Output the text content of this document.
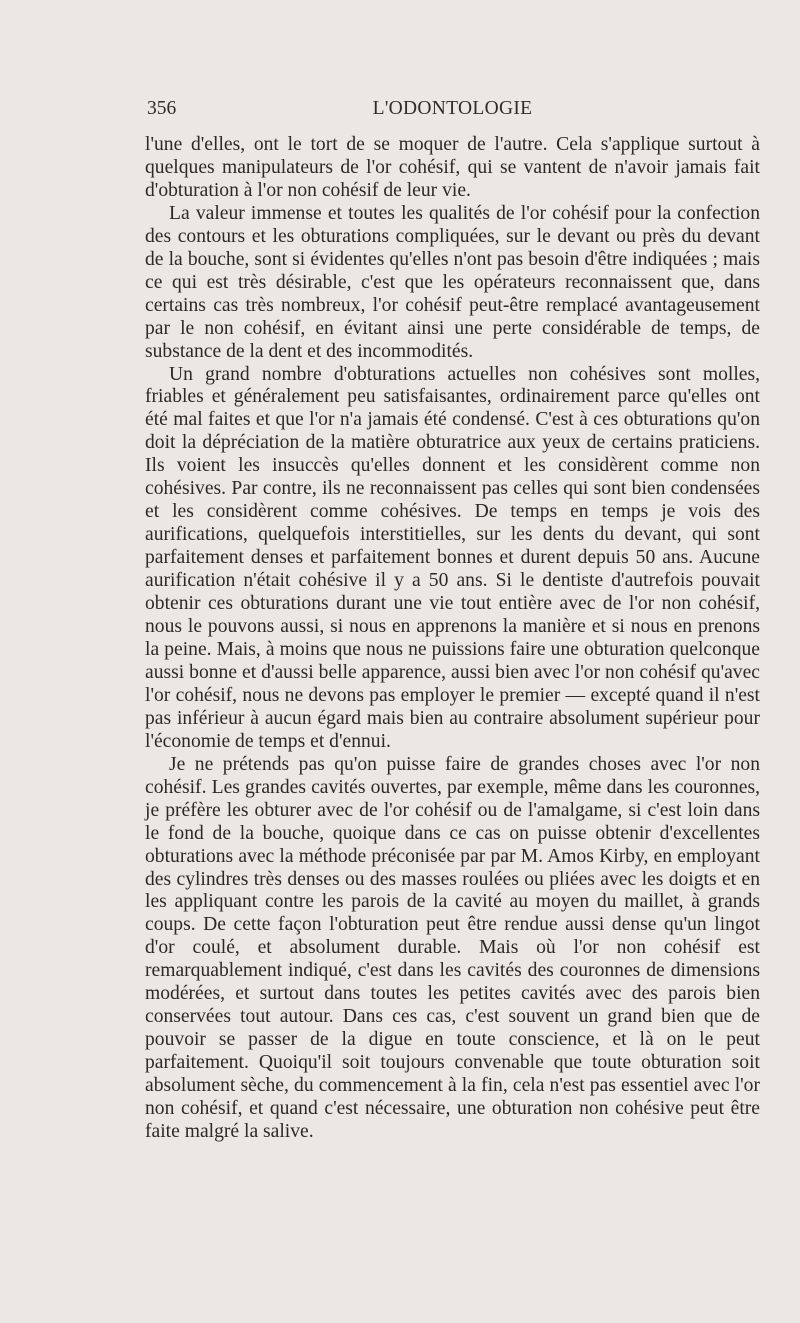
356	L'ODONTOLOGIE

l'une d'elles, ont le tort de se moquer de l'autre. Cela s'applique surtout à quelques manipulateurs de l'or cohésif, qui se vantent de n'avoir jamais fait d'obturation à l'or non cohésif de leur vie.

La valeur immense et toutes les qualités de l'or cohésif pour la confection des contours et les obturations compliquées, sur le devant ou près du devant de la bouche, sont si évidentes qu'elles n'ont pas besoin d'être indiquées ; mais ce qui est très désirable, c'est que les opérateurs reconnaissent que, dans certains cas très nombreux, l'or cohésif peut-être remplacé avantageusement par le non cohésif, en évitant ainsi une perte considérable de temps, de substance de la dent et des incommodités.

Un grand nombre d'obturations actuelles non cohésives sont molles, friables et généralement peu satisfaisantes, ordinairement parce qu'elles ont été mal faites et que l'or n'a jamais été condensé. C'est à ces obturations qu'on doit la dépréciation de la matière obturatrice aux yeux de certains praticiens. Ils voient les insuccès qu'elles donnent et les considèrent comme non cohésives. Par contre, ils ne reconnaissent pas celles qui sont bien condensées et les considèrent comme cohésives. De temps en temps je vois des aurifications, quelquefois interstitielles, sur les dents du devant, qui sont parfaitement denses et parfaitement bonnes et durent depuis 50 ans. Aucune aurification n'était cohésive il y a 50 ans. Si le dentiste d'autrefois pouvait obtenir ces obturations durant une vie tout entière avec de l'or non cohésif, nous le pouvons aussi, si nous en apprenons la manière et si nous en prenons la peine. Mais, à moins que nous ne puissions faire une obturation quelconque aussi bonne et d'aussi belle apparence, aussi bien avec l'or non cohésif qu'avec l'or cohésif, nous ne devons pas employer le premier — excepté quand il n'est pas inférieur à aucun égard mais bien au contraire absolument supérieur pour l'économie de temps et d'ennui.

Je ne prétends pas qu'on puisse faire de grandes choses avec l'or non cohésif. Les grandes cavités ouvertes, par exemple, même dans les couronnes, je préfère les obturer avec de l'or cohésif ou de l'amalgame, si c'est loin dans le fond de la bouche, quoique dans ce cas on puisse obtenir d'excellentes obturations avec la méthode préconisée par par M. Amos Kirby, en employant des cylindres très denses ou des masses roulées ou pliées avec les doigts et en les appliquant contre les parois de la cavité au moyen du maillet, à grands coups. De cette façon l'obturation peut être rendue aussi dense qu'un lingot d'or coulé, et absolument durable. Mais où l'or non cohésif est remarquablement indiqué, c'est dans les cavités des couronnes de dimensions modérées, et surtout dans toutes les petites cavités avec des parois bien conservées tout autour. Dans ces cas, c'est souvent un grand bien que de pouvoir se passer de la digue en toute conscience, et là on le peut parfaitement. Quoiqu'il soit toujours convenable que toute obturation soit absolument sèche, du commencement à la fin, cela n'est pas essentiel avec l'or non cohésif, et quand c'est nécessaire, une obturation non cohésive peut être faite malgré la salive.
